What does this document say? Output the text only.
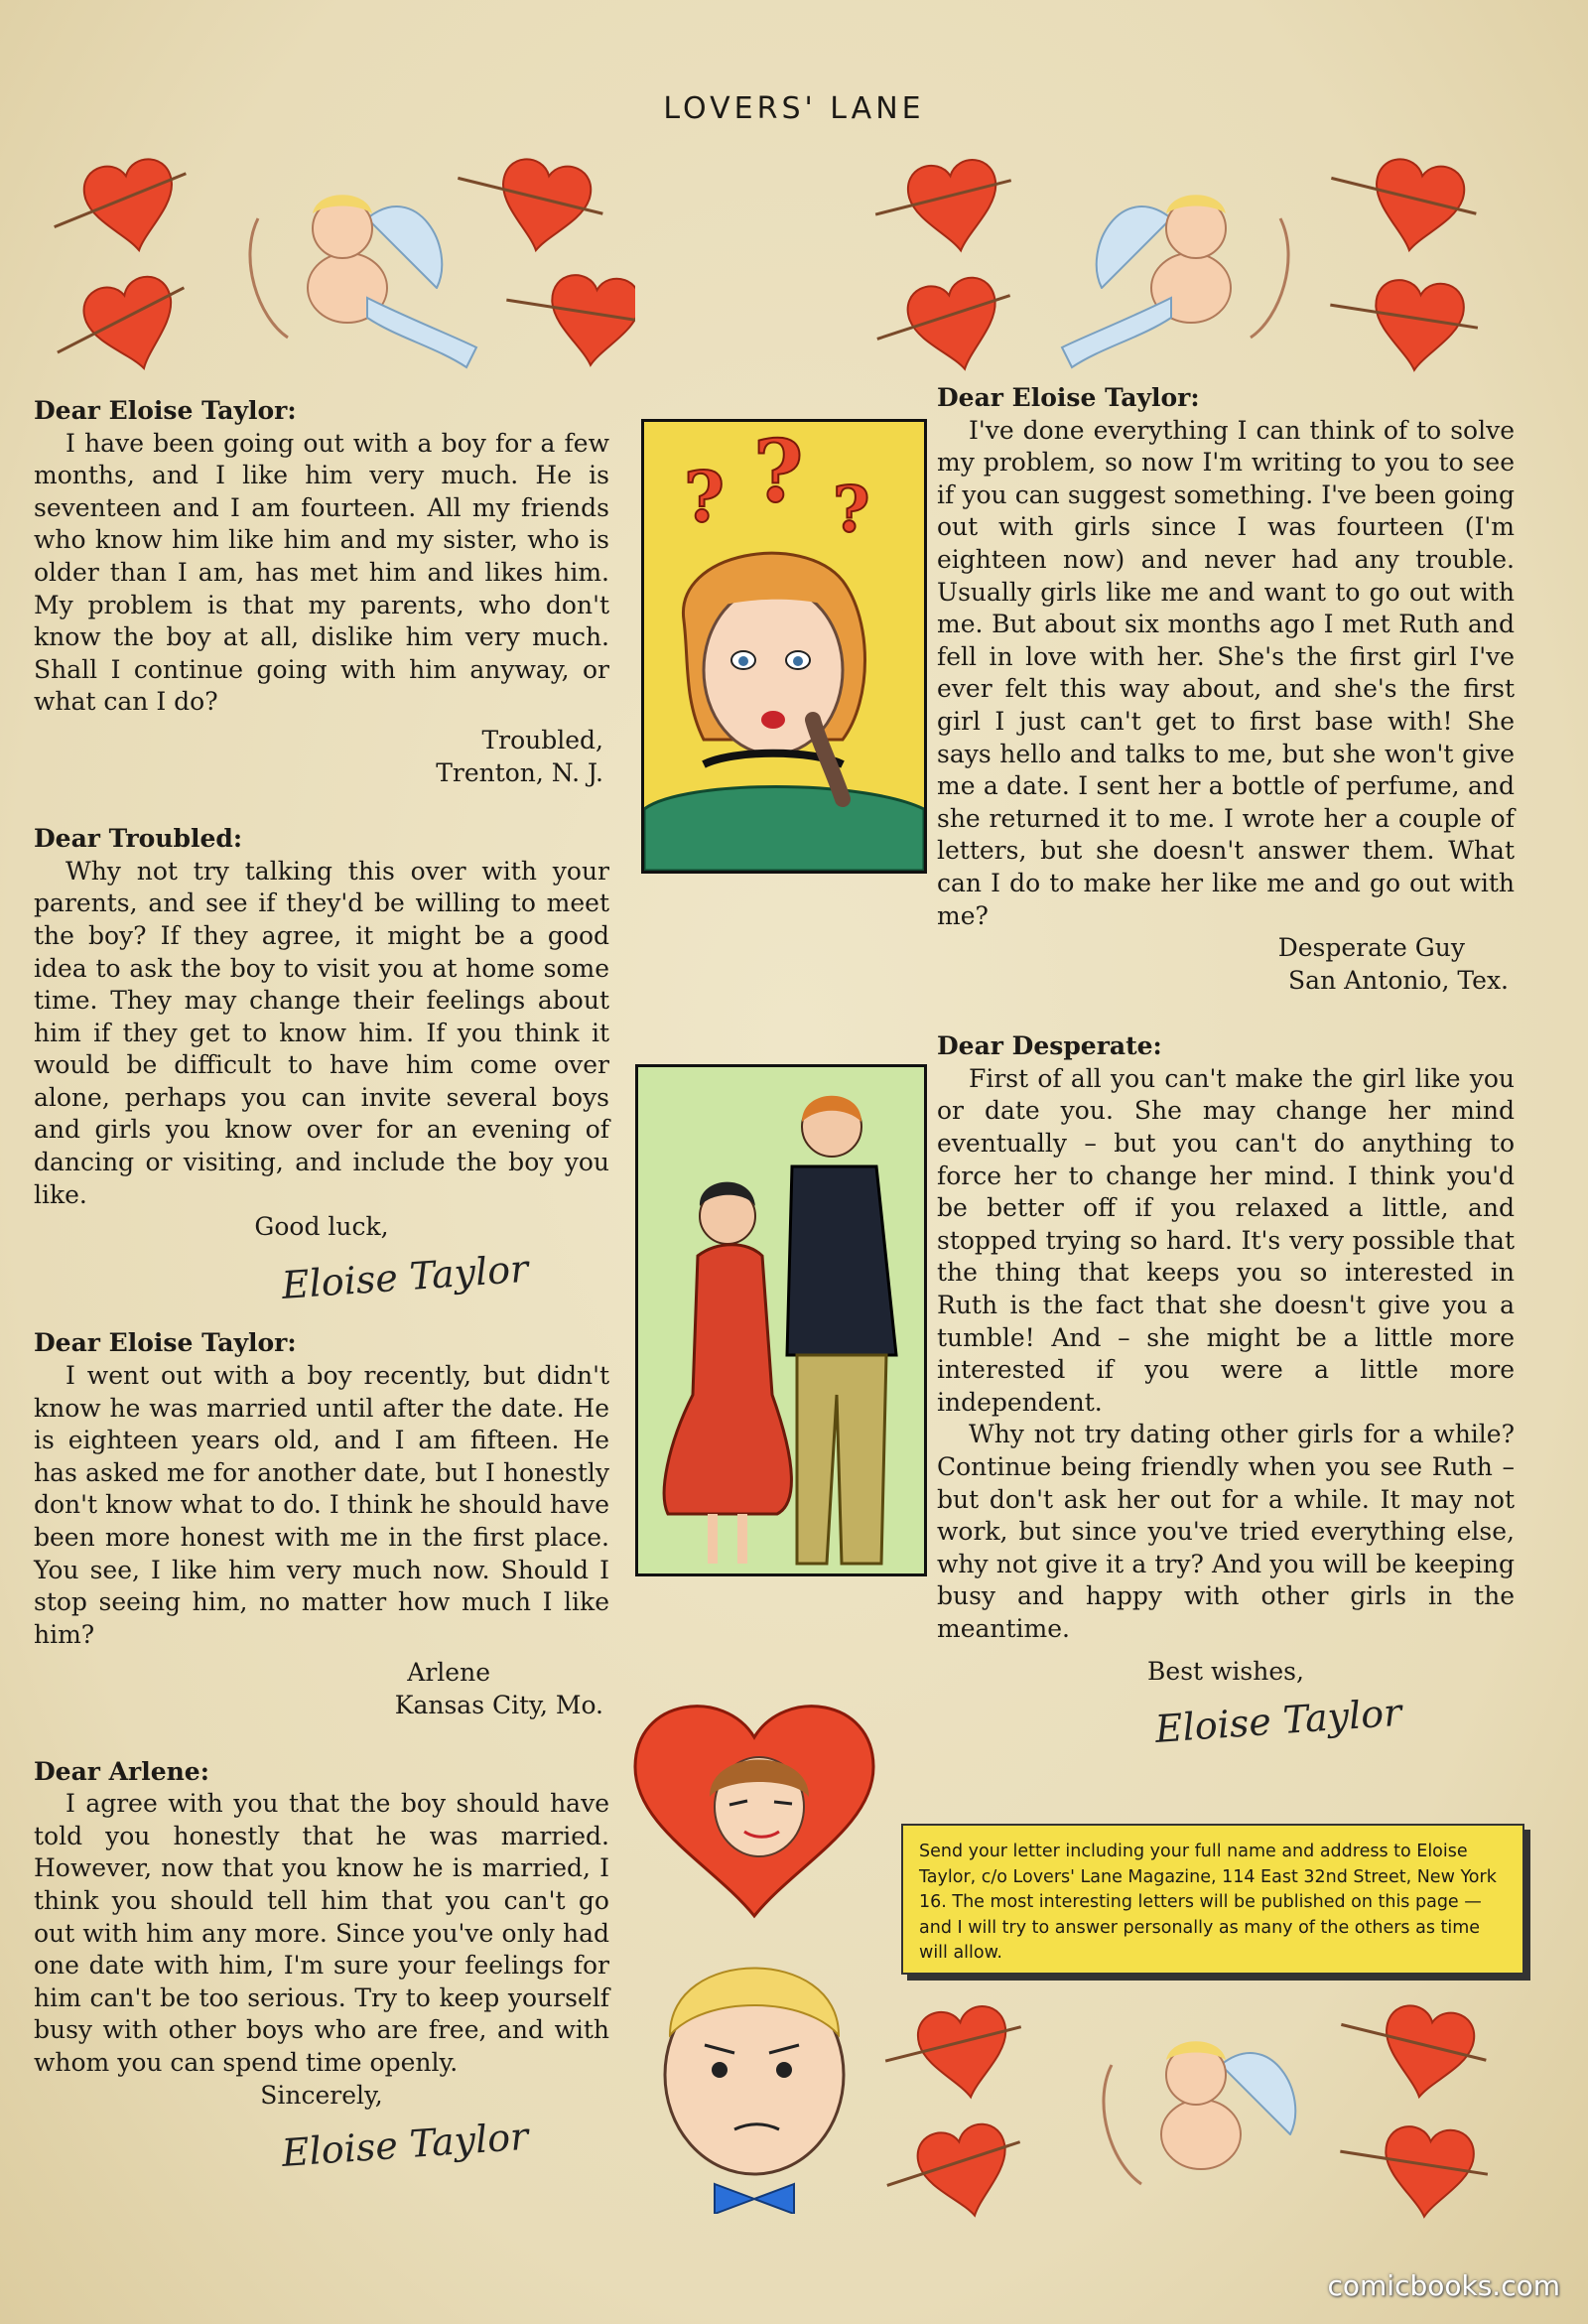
LOVERS' LANE

Dear Eloise Taylor:

I have been going out with a boy for a few months, and I like him very much. He is seventeen and I am fourteen. All my friends who know him like him and my sister, who is older than I am, has met him and likes him. My problem is that my parents, who don't know the boy at all, dislike him very much. Shall I continue going with him anyway, or what can I do?

Troubled,

Trenton, N. J.

Dear Troubled:

Why not try talking this over with your parents, and see if they'd be willing to meet the boy? If they agree, it might be a good idea to ask the boy to visit you at home some time. They may change their feelings about him if they get to know him. If you think it would be difficult to have him come over alone, perhaps you can invite several boys and girls you know over for an evening of dancing or visiting, and include the boy you like.

Good luck,

Eloise Taylor

Dear Eloise Taylor:

I went out with a boy recently, but didn't know he was married until after the date. He is eighteen years old, and I am fifteen. He has asked me for another date, but I honestly don't know what to do. I think he should have been more honest with me in the first place. You see, I like him very much now. Should I stop seeing him, no matter how much I like him?

Arlene

Kansas City, Mo.

Dear Arlene:

I agree with you that the boy should have told you honestly that he was married. However, now that you know he is married, I think you should tell him that you can't go out with him any more. Since you've only had one date with him, I'm sure your feelings for him can't be too serious. Try to keep yourself busy with other boys who are free, and with whom you can spend time openly.

Sincerely,

Eloise Taylor
? ? ?

Dear Eloise Taylor:

I've done everything I can think of to solve my problem, so now I'm writing to you to see if you can suggest something. I've been going out with girls since I was fourteen (I'm eighteen now) and never had any trouble. Usually girls like me and want to go out with me. But about six months ago I met Ruth and fell in love with her. She's the first girl I've ever felt this way about, and she's the first girl I just can't get to first base with! She says hello and talks to me, but she won't give me a date. I sent her a bottle of perfume, and she returned it to me. I wrote her a couple of letters, but she doesn't answer them. What can I do to make her like me and go out with me?

Desperate Guy

San Antonio, Tex.

Dear Desperate:

First of all you can't make the girl like you or date you. She may change her mind eventually – but you can't do anything to force her to change her mind. I think you'd be better off if you relaxed a little, and stopped trying so hard. It's very possible that the thing that keeps you so interested in Ruth is the fact that she doesn't give you a tumble! And – she might be a little more interested if you were a little more independent.

Why not try dating other girls for a while? Continue being friendly when you see Ruth – but don't ask her out for a while. It may not work, but since you've tried everything else, why not give it a try? And you will be keeping busy and happy with other girls in the meantime.

Best wishes,

Eloise Taylor
Send your letter including your full name and address to Eloise Taylor, c/o Lovers' Lane Magazine, 114 East 32nd Street, New York 16. The most interesting letters will be published on this page — and I will try to answer personally as many of the others as time will allow.
comicbooks.com
